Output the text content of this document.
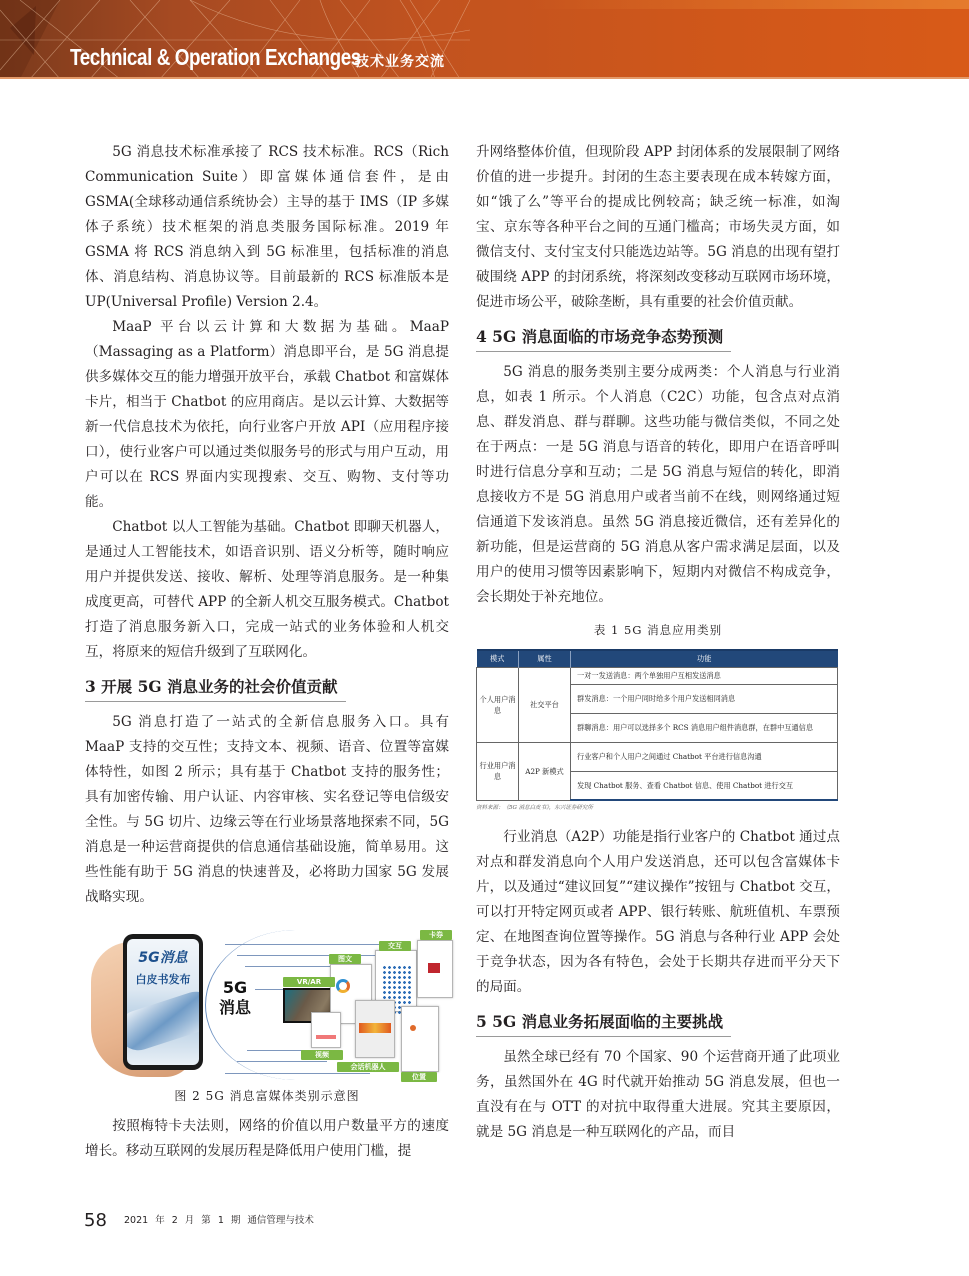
Technical & Operation Exchanges
技术业务交流

5G 消息技术标准承接了 RCS 技术标准。RCS（Rich Communication Suite）即富媒体通信套件，是由 GSMA(全球移动通信系统协会）主导的基于 IMS（IP 多媒体子系统）技术框架的消息类服务国际标准。2019 年 GSMA 将 RCS 消息纳入到 5G 标准里，包括标准的消息体、消息结构、消息协议等。目前最新的 RCS 标准版本是 UP(Universal Profile) Version 2.4。

MaaP 平台以云计算和大数据为基础。MaaP（Massaging as a Platform）消息即平台，是 5G 消息提供多媒体交互的能力增强开放平台，承载 Chatbot 和富媒体卡片，相当于 Chatbot 的应用商店。是以云计算、大数据等新一代信息技术为依托，向行业客户开放 API（应用程序接口），使行业客户可以通过类似服务号的形式与用户互动，用户可以在 RCS 界面内实现搜索、交互、购物、支付等功能。

Chatbot 以人工智能为基础。Chatbot 即聊天机器人，是通过人工智能技术，如语音识别、语义分析等，随时响应用户并提供发送、接收、解析、处理等消息服务。是一种集成度更高，可替代 APP 的全新人机交互服务模式。Chatbot 打造了消息服务新入口，完成一站式的业务体验和人机交互，将原来的短信升级到了互联网化。

3 开展 5G 消息业务的社会价值贡献

5G 消息打造了一站式的全新信息服务入口。具有 MaaP 支持的交互性；支持文本、视频、语音、位置等富媒体特性，如图 2 所示；具有基于 Chatbot 支持的服务性；具有加密传输、用户认证、内容审核、实名登记等电信级安全性。与 5G 切片、边缘云等在行业场景落地探索不同，5G 消息是一种运营商提供的信息通信基础设施，简单易用。这些性能有助于 5G 消息的快速普及，必将助力国家 5G 发展战略实现。

5G消息
白皮书发布	5G
消息
卡券
交互
图文
VR/AR
视频
会话机器人
位置
图 2 5G 消息富媒体类别示意图

按照梅特卡夫法则，网络的价值以用户数量平方的速度增长。移动互联网的发展历程是降低用户使用门槛，提

升网络整体价值，但现阶段 APP 封闭体系的发展限制了网络价值的进一步提升。封闭的生态主要表现在成本转嫁方面，如“饿了么”等平台的提成比例较高；缺乏统一标准，如淘宝、京东等各种平台之间的互通门槛高；市场失灵方面，如微信支付、支付宝支付只能选边站等。5G 消息的出现有望打破围绕 APP 的封闭系统，将深刻改变移动互联网市场环境，促进市场公平，破除垄断，具有重要的社会价值贡献。

4 5G 消息面临的市场竞争态势预测

5G 消息的服务类别主要分成两类：个人消息与行业消息，如表 1 所示。个人消息（C2C）功能，包含点对点消息、群发消息、群与群聊。这些功能与微信类似，不同之处在于两点：一是 5G 消息与语音的转化，即用户在语音呼叫时进行信息分享和互动；二是 5G 消息与短信的转化，即消息接收方不是 5G 消息用户或者当前不在线，则网络通过短信通道下发该消息。虽然 5G 消息接近微信，还有差异化的新功能，但是运营商的 5G 消息从客户需求满足层面，以及用户的使用习惯等因素影响下，短期内对微信不构成竞争，会长期处于补充地位。

表 1 5G 消息应用类别
模式	属性	功能
个人用户消息	社交平台	一对一发送消息：两个单独用户互相发送消息
		群发消息：一个用户同时给多个用户发送相同消息
		群聊消息：用户可以选择多个 RCS 消息用户组件消息群，在群中互通信息
行业用户消息	A2P 新模式	行业客户和个人用户之间通过 Chatbot 平台进行信息沟通
		发现 Chatbot 服务、查看 Chatbot 信息、使用 Chatbot 进行交互
资料来源：《5G 消息白皮书》，东兴证券研究所

行业消息（A2P）功能是指行业客户的 Chatbot 通过点对点和群发消息向个人用户发送消息，还可以包含富媒体卡片，以及通过“建议回复”“建议操作”按钮与 Chatbot 交互，可以打开特定网页或者 APP、银行转账、航班值机、车票预定、在地图查询位置等操作。5G 消息与各种行业 APP 会处于竞争状态，因为各有特色，会处于长期共存进而平分天下的局面。

5 5G 消息业务拓展面临的主要挑战

虽然全球已经有 70 个国家、90 个运营商开通了此项业务，虽然国外在 4G 时代就开始推动 5G 消息发展，但也一直没有在与 OTT 的对抗中取得重大进展。究其主要原因，就是 5G 消息是一种互联网化的产品，而目

58 2021 年 2 月 第 1 期 通信管理与技术
